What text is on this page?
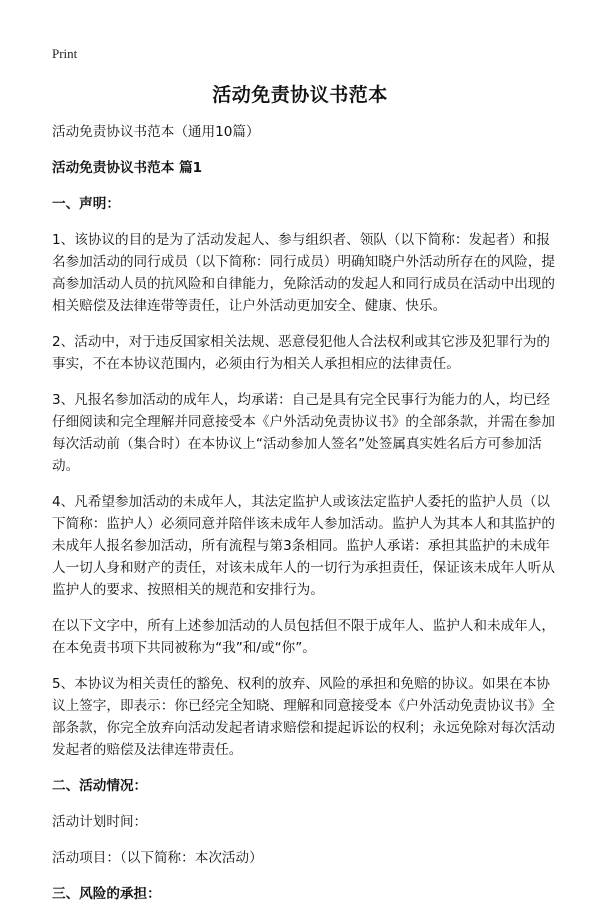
Print
活动免责协议书范本

活动免责协议书范本（通用10篇）

活动免责协议书范本 篇1

一、声明：

1、该协议的目的是为了活动发起人、参与组织者、领队（以下简称：发起者）和报名参加活动的同行成员（以下简称：同行成员）明确知晓户外活动所存在的风险，提高参加活动人员的抗风险和自律能力，免除活动的发起人和同行成员在活动中出现的相关赔偿及法律连带等责任，让户外活动更加安全、健康、快乐。

2、活动中，对于违反国家相关法规、恶意侵犯他人合法权利或其它涉及犯罪行为的事实，不在本协议范围内，必须由行为相关人承担相应的法律责任。

3、凡报名参加活动的成年人，均承诺：自己是具有完全民事行为能力的人，均已经仔细阅读和完全理解并同意接受本《户外活动免责协议书》的全部条款，并需在参加每次活动前（集合时）在本协议上“活动参加人签名”处签属真实姓名后方可参加活动。

4、凡希望参加活动的未成年人，其法定监护人或该法定监护人委托的监护人员（以下简称：监护人）必须同意并陪伴该未成年人参加活动。监护人为其本人和其监护的未成年人报名参加活动，所有流程与第3条相同。监护人承诺：承担其监护的未成年人一切人身和财产的责任，对该未成年人的一切行为承担责任，保证该未成年人听从监护人的要求、按照相关的规范和安排行为。

在以下文字中，所有上述参加活动的人员包括但不限于成年人、监护人和未成年人，在本免责书项下共同被称为“我”和/或“你”。

5、本协议为相关责任的豁免、权利的放弃、风险的承担和免赔的协议。如果在本协议上签字，即表示：你已经完全知晓、理解和同意接受本《户外活动免责协议书》全部条款，你完全放弃向活动发起者请求赔偿和提起诉讼的权利；永远免除对每次活动发起者的赔偿及法律连带责任。

二、活动情况：

活动计划时间：

活动项目：（以下简称：本次活动）

三、风险的承担：
